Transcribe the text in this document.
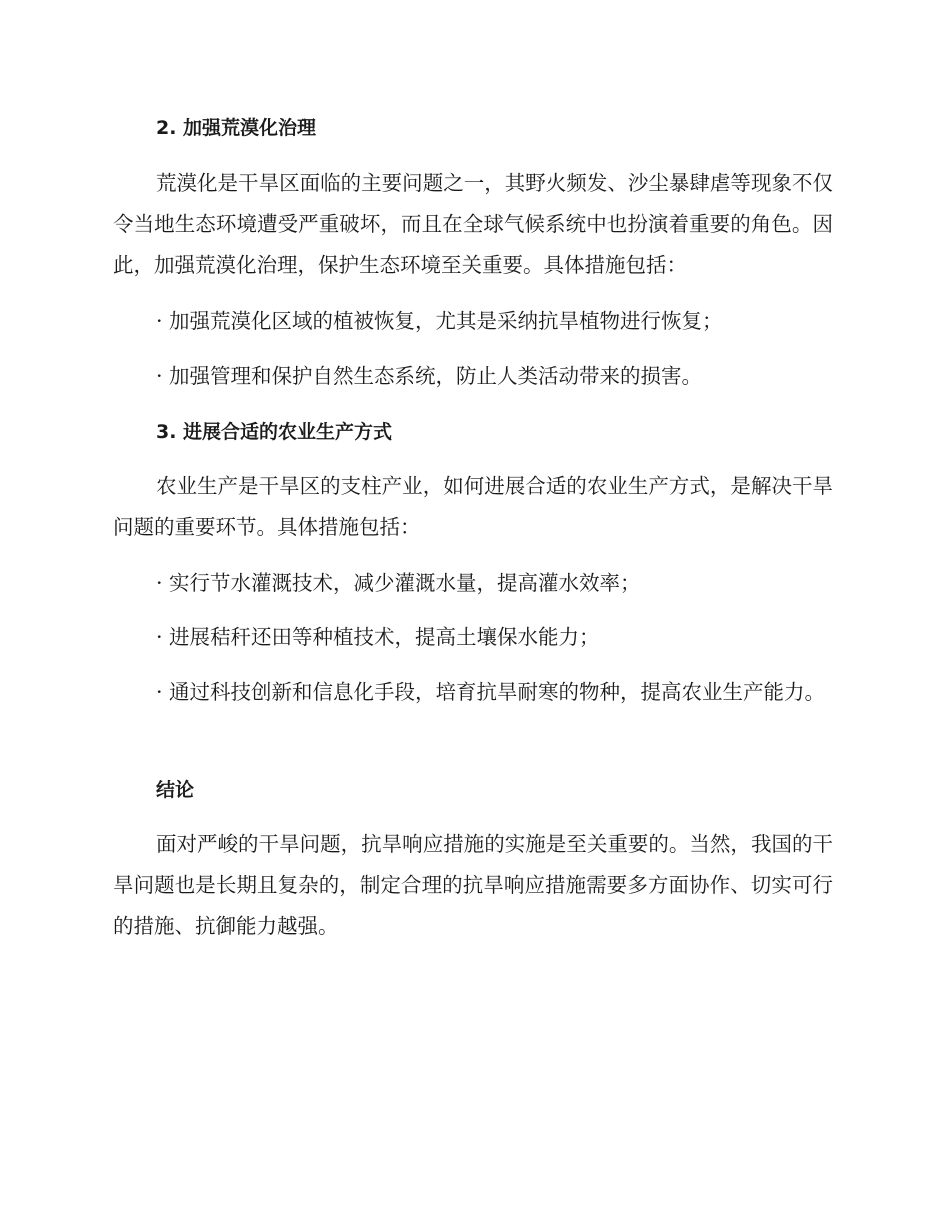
2. 加强荒漠化治理
荒漠化是干旱区面临的主要问题之一，其野火频发、沙尘暴肆虐等现象不仅令当地生态环境遭受严重破坏，而且在全球气候系统中也扮演着重要的角色。因此，加强荒漠化治理，保护生态环境至关重要。具体措施包括：
· 加强荒漠化区域的植被恢复，尤其是采纳抗旱植物进行恢复；
· 加强管理和保护自然生态系统，防止人类活动带来的损害。
3. 进展合适的农业生产方式
农业生产是干旱区的支柱产业，如何进展合适的农业生产方式，是解决干旱问题的重要环节。具体措施包括：
· 实行节水灌溉技术，减少灌溉水量，提高灌水效率；
· 进展秸秆还田等种植技术，提高土壤保水能力；
· 通过科技创新和信息化手段，培育抗旱耐寒的物种，提高农业生产能力。
结论
面对严峻的干旱问题，抗旱响应措施的实施是至关重要的。当然，我国的干旱问题也是长期且复杂的，制定合理的抗旱响应措施需要多方面协作、切实可行的措施、抗御能力越强。
